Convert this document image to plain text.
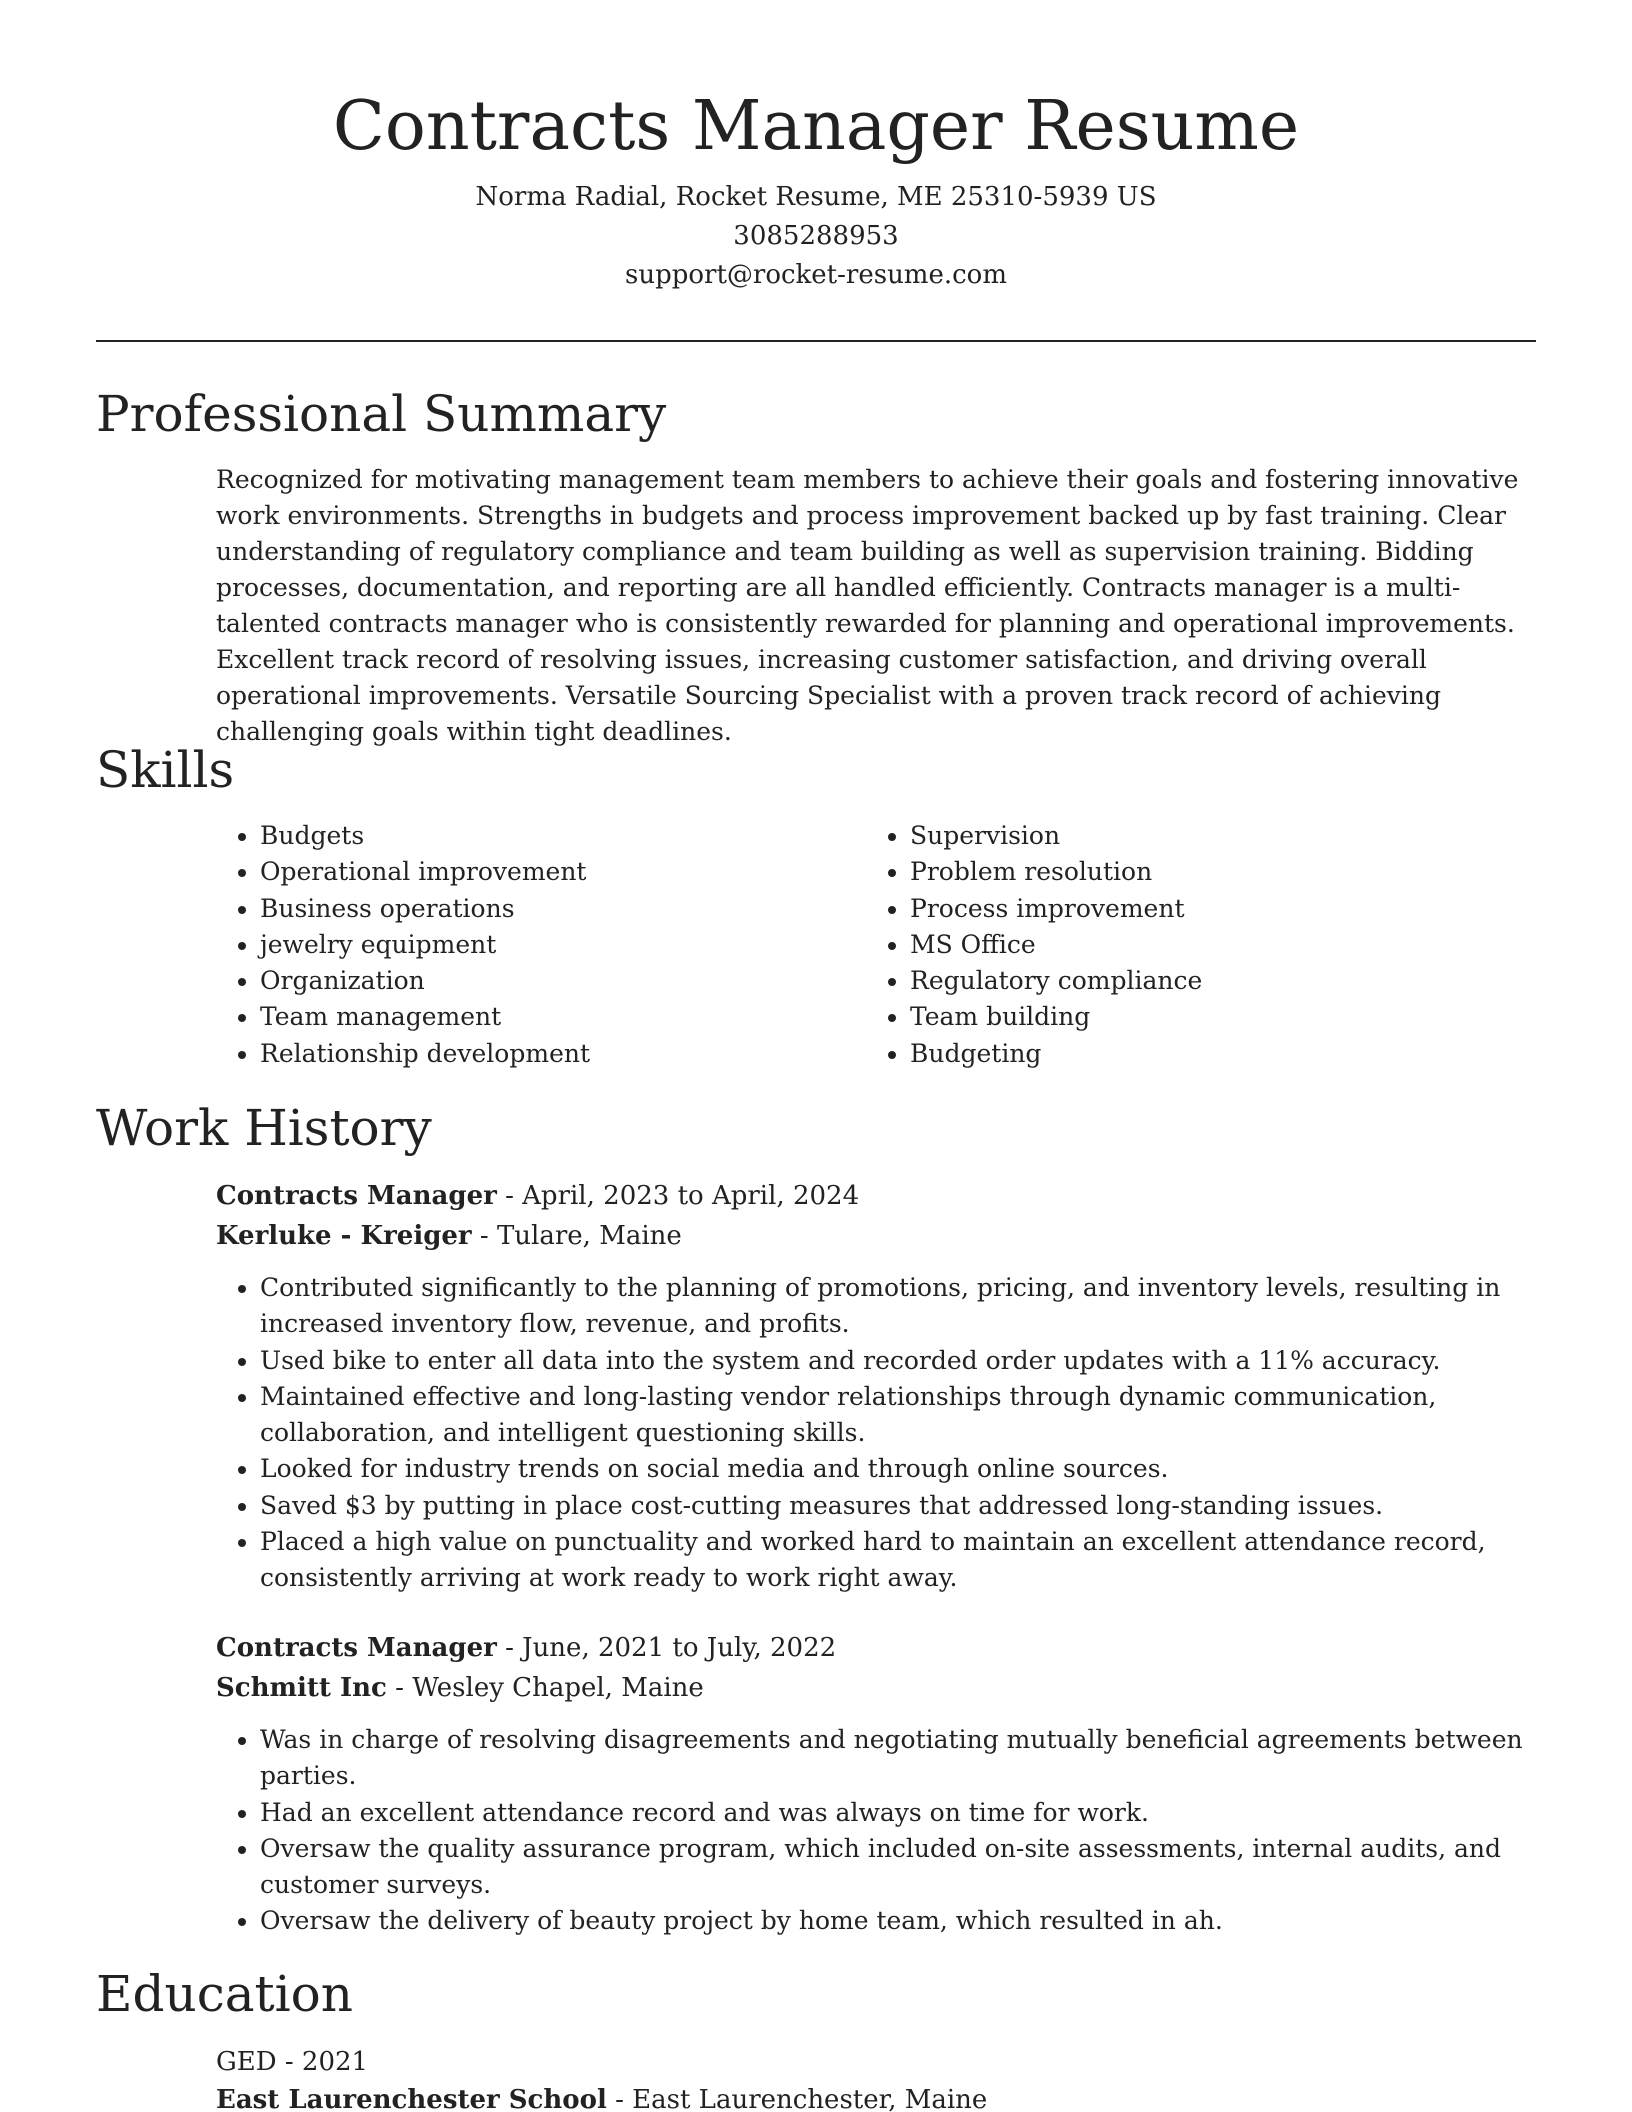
Contracts Manager Resume
Norma Radial, Rocket Resume, ME 25310-5939 US
3085288953
support@rocket-resume.com
Professional Summary
Recognized for motivating management team members to achieve their goals and fostering innovative work environments. Strengths in budgets and process improvement backed up by fast training. Clear understanding of regulatory compliance and team building as well as supervision training. Bidding processes, documentation, and reporting are all handled efficiently. Contracts manager is a multi-talented contracts manager who is consistently rewarded for planning and operational improvements. Excellent track record of resolving issues, increasing customer satisfaction, and driving overall operational improvements. Versatile Sourcing Specialist with a proven track record of achieving challenging goals within tight deadlines.
Skills
• Budgets
• Operational improvement
• Business operations
• jewelry equipment
• Organization
• Team management
• Relationship development
• Supervision
• Problem resolution
• Process improvement
• MS Office
• Regulatory compliance
• Team building
• Budgeting
Work History
Contracts Manager - April, 2023 to April, 2024
Kerluke - Kreiger - Tulare, Maine
• Contributed significantly to the planning of promotions, pricing, and inventory levels, resulting in increased inventory flow, revenue, and profits.
• Used bike to enter all data into the system and recorded order updates with a 11% accuracy.
• Maintained effective and long-lasting vendor relationships through dynamic communication, collaboration, and intelligent questioning skills.
• Looked for industry trends on social media and through online sources.
• Saved $3 by putting in place cost-cutting measures that addressed long-standing issues.
• Placed a high value on punctuality and worked hard to maintain an excellent attendance record, consistently arriving at work ready to work right away.
Contracts Manager - June, 2021 to July, 2022
Schmitt Inc - Wesley Chapel, Maine
• Was in charge of resolving disagreements and negotiating mutually beneficial agreements between parties.
• Had an excellent attendance record and was always on time for work.
• Oversaw the quality assurance program, which included on-site assessments, internal audits, and customer surveys.
• Oversaw the delivery of beauty project by home team, which resulted in ah.
Education
GED - 2021
East Laurenchester School - East Laurenchester, Maine
